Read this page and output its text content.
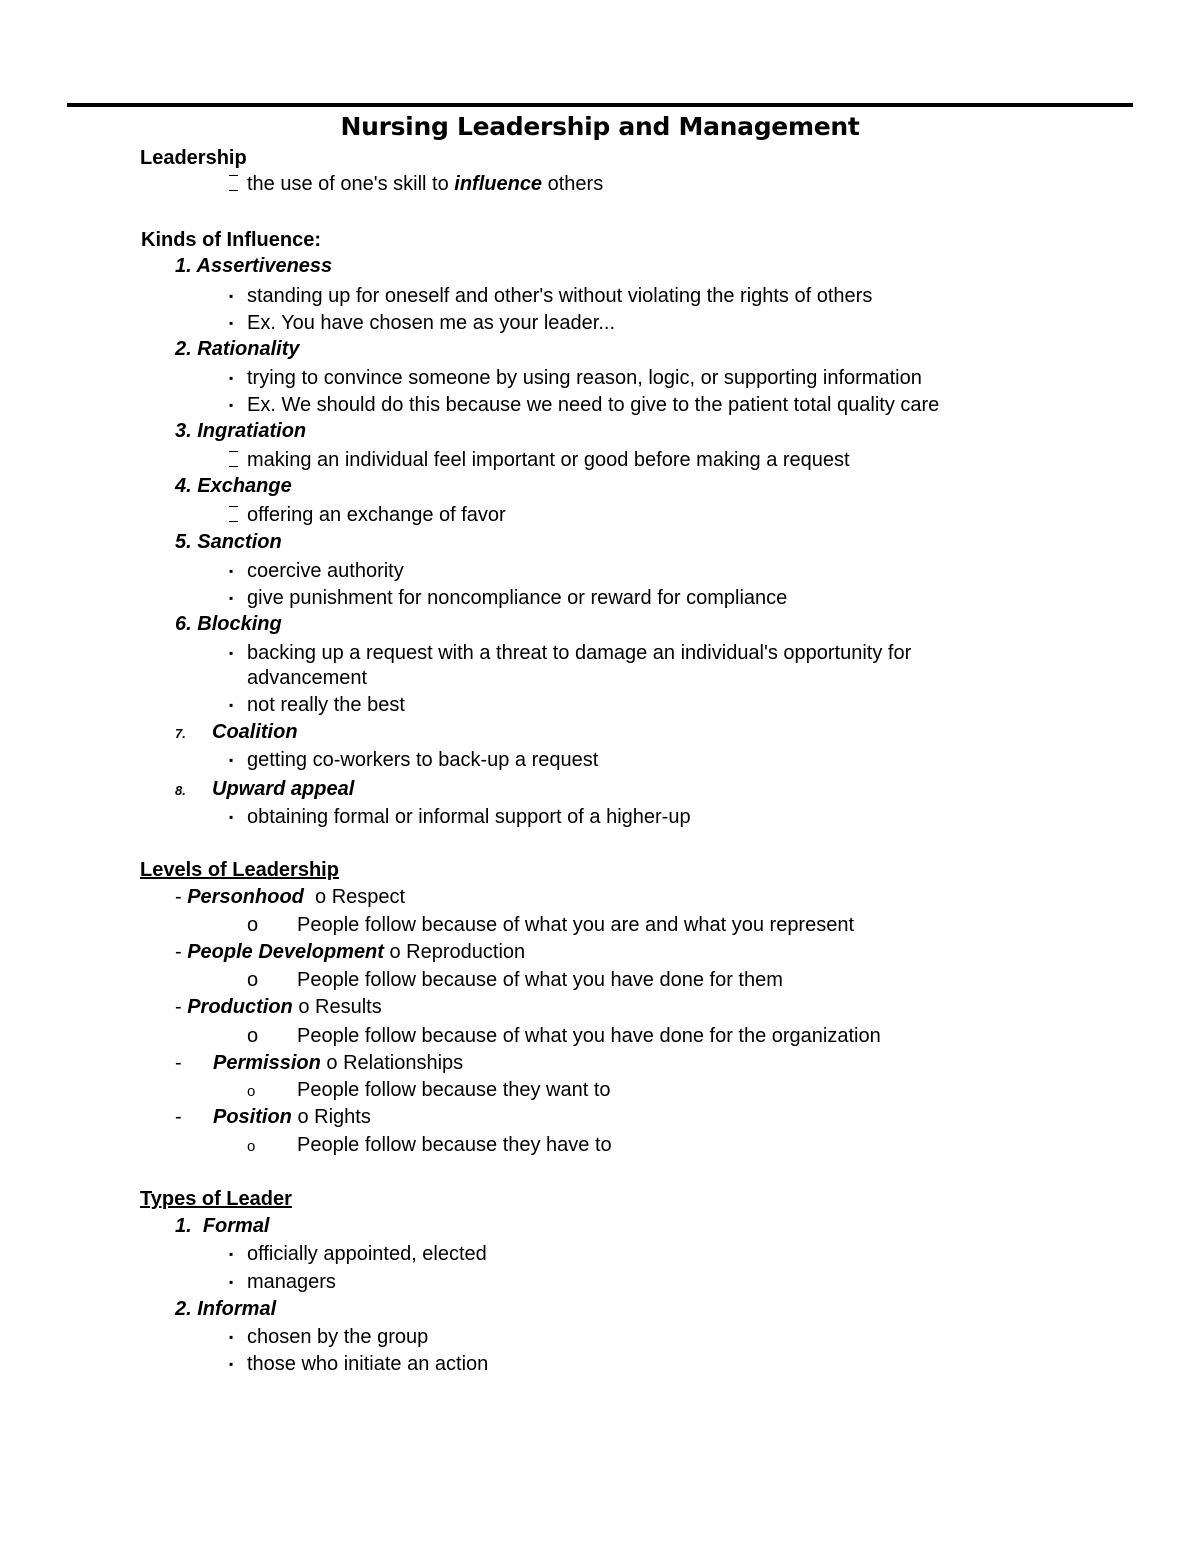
Nursing Leadership and Management
Leadership
the use of one's skill to influence others
Kinds of Influence:
1. Assertiveness
▪ standing up for oneself and other's without violating the rights of others
▪ Ex. You have chosen me as your leader...
2. Rationality
▪ trying to convince someone by using reason, logic, or supporting information
▪ Ex. We should do this because we need to give to the patient total quality care
3. Ingratiation
making an individual feel important or good before making a request
4. Exchange
offering an exchange of favor
5. Sanction
▪ coercive authority
▪ give punishment for noncompliance or reward for compliance
6. Blocking
▪ backing up a request with a threat to damage an individual's opportunity for
advancement
▪ not really the best
7. Coalition
▪ getting co-workers to back-up a request
8. Upward appeal
▪ obtaining formal or informal support of a higher-up
Levels of Leadership
- Personhood o Respect
o People follow because of what you are and what you represent
- People Development o Reproduction
o People follow because of what you have done for them
- Production o Results
o People follow because of what you have done for the organization
- Permission o Relationships
o People follow because they want to
- Position o Rights
o People follow because they have to
Types of Leader
1. Formal
▪ officially appointed, elected
▪ managers
2. Informal
▪ chosen by the group
▪ those who initiate an action
